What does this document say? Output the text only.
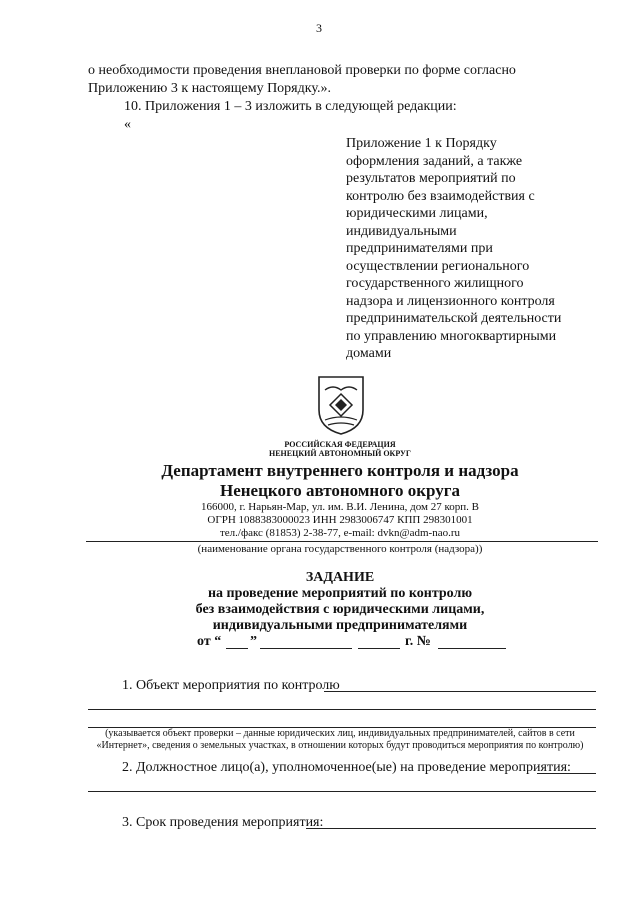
3
о необходимости проведения внеплановой проверки по форме согласно
Приложению 3 к настоящему Порядку.».
10. Приложения 1 – 3 изложить в следующей редакции:
«
Приложение 1 к Порядку
оформления заданий, а также
результатов мероприятий по
контролю без взаимодействия с
юридическими лицами,
индивидуальными
предпринимателями при
осуществлении регионального
государственного жилищного
надзора и лицензионного контроля
предпринимательской деятельности
по управлению многоквартирными
домами
РОССИЙСКАЯ ФЕДЕРАЦИЯ
НЕНЕЦКИЙ АВТОНОМНЫЙ ОКРУГ
Департамент внутреннего контроля и надзора
Ненецкого автономного округа
166000, г. Нарьян-Мар, ул. им. В.И. Ленина, дом 27 корп. В
ОГРН 1088383000023 ИНН 2983006747 КПП 298301001
тел./факс (81853) 2-38-77, e-mail: dvkn@adm-nao.ru
(наименование органа государственного контроля (надзора))
ЗАДАНИЕ
на проведение мероприятий по контролю
без взаимодействия с юридическими лицами,
индивидуальными предпринимателями
от “ ”	г. №
1. Объект мероприятия по контролю
(указывается объект проверки – данные юридических лиц, индивидуальных предпринимателей, сайтов в сети
«Интернет», сведения о земельных участках, в отношении которых будут проводиться мероприятия по контролю)
2. Должностное лицо(а), уполномоченное(ые) на проведение мероприятия:
3. Срок проведения мероприятия:
